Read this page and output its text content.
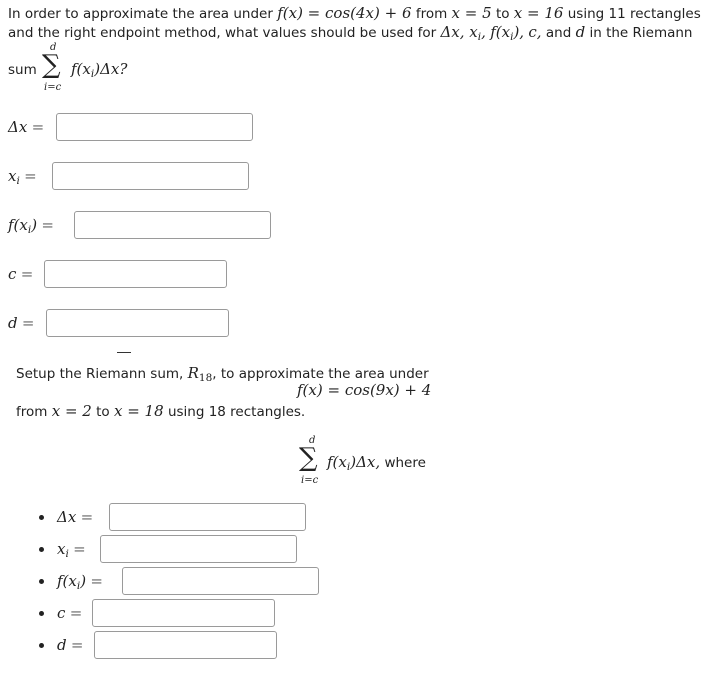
In order to approximate the area under f(x) = cos(4x) + 6 from x = 5 to x = 16 using 11 rectangles
and the right endpoint method, what values should be used for Δx, $x_i$, $f(x_i)$, c, and d in the Riemann
sum
d
∑
i=c
$f(x_i)\Delta x$?
Δx =
$x_i$ =
$f(x_i)$ =
c =
d =
Setup the Riemann sum, $R_{18}$, to approximate the area under
f(x) = cos(9x) + 4
from x = 2 to x = 18 using 18 rectangles.
d
∑
i=c
$f(x_i)\Delta x$, where
Δx =
$x_i$ =
$f(x_i)$ =
c =
d =
